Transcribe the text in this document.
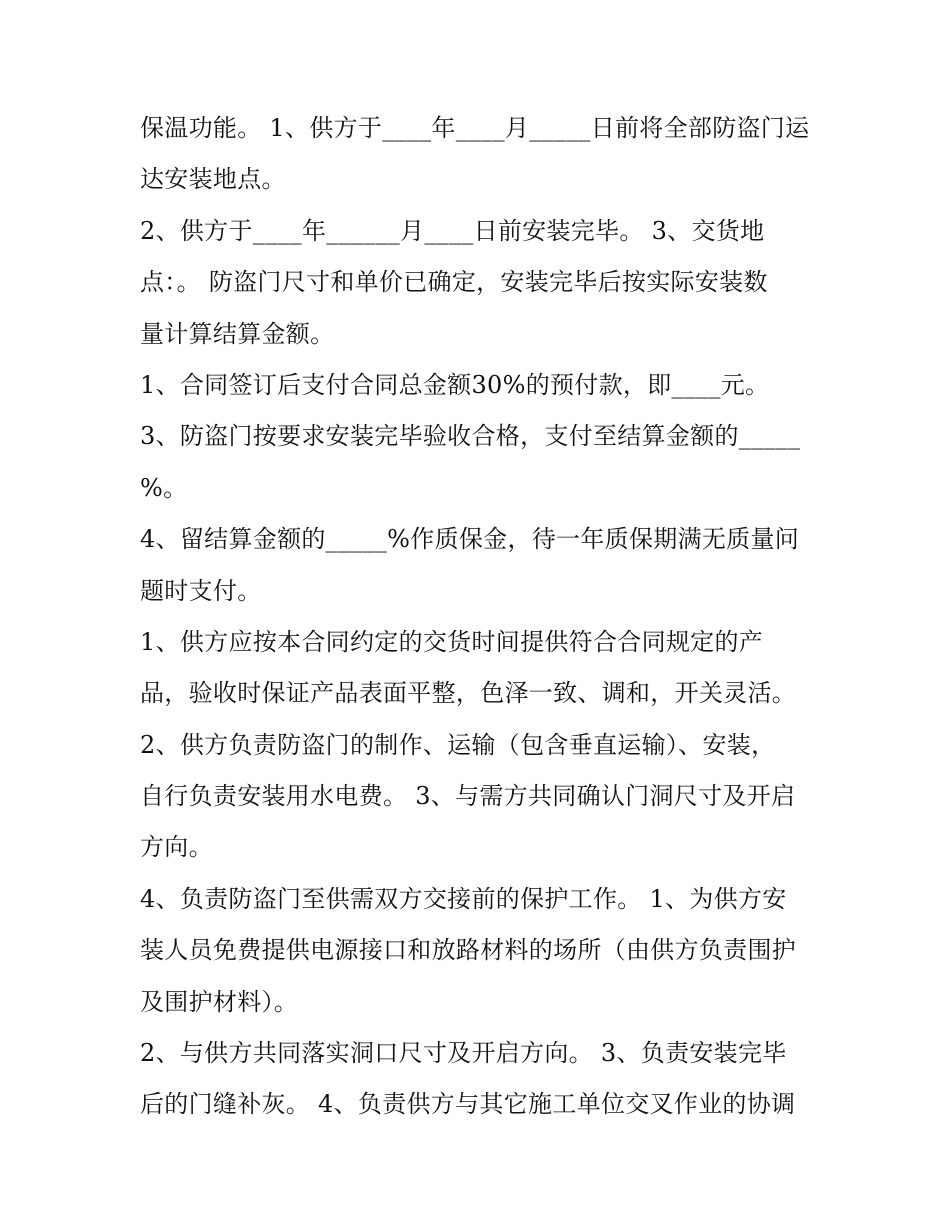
保温功能。 1、供方于____年____月_____日前将全部防盗门运
达安装地点。
2、供方于____年______月____日前安装完毕。 3、交货地
点：。 防盗门尺寸和单价已确定，安装完毕后按实际安装数
量计算结算金额。
1、合同签订后支付合同总金额30%的预付款，即____元。
3、防盗门按要求安装完毕验收合格，支付至结算金额的_____
%。
4、留结算金额的_____%作质保金，待一年质保期满无质量问
题时支付。
1、供方应按本合同约定的交货时间提供符合合同规定的产
品，验收时保证产品表面平整，色泽一致、调和，开关灵活。
2、供方负责防盗门的制作、运输（包含垂直运输）、安装，
自行负责安装用水电费。 3、与需方共同确认门洞尺寸及开启
方向。
4、负责防盗门至供需双方交接前的保护工作。 1、为供方安
装人员免费提供电源接口和放路材料的场所（由供方负责围护
及围护材料）。
2、与供方共同落实洞口尺寸及开启方向。 3、负责安装完毕
后的门缝补灰。 4、负责供方与其它施工单位交叉作业的协调
